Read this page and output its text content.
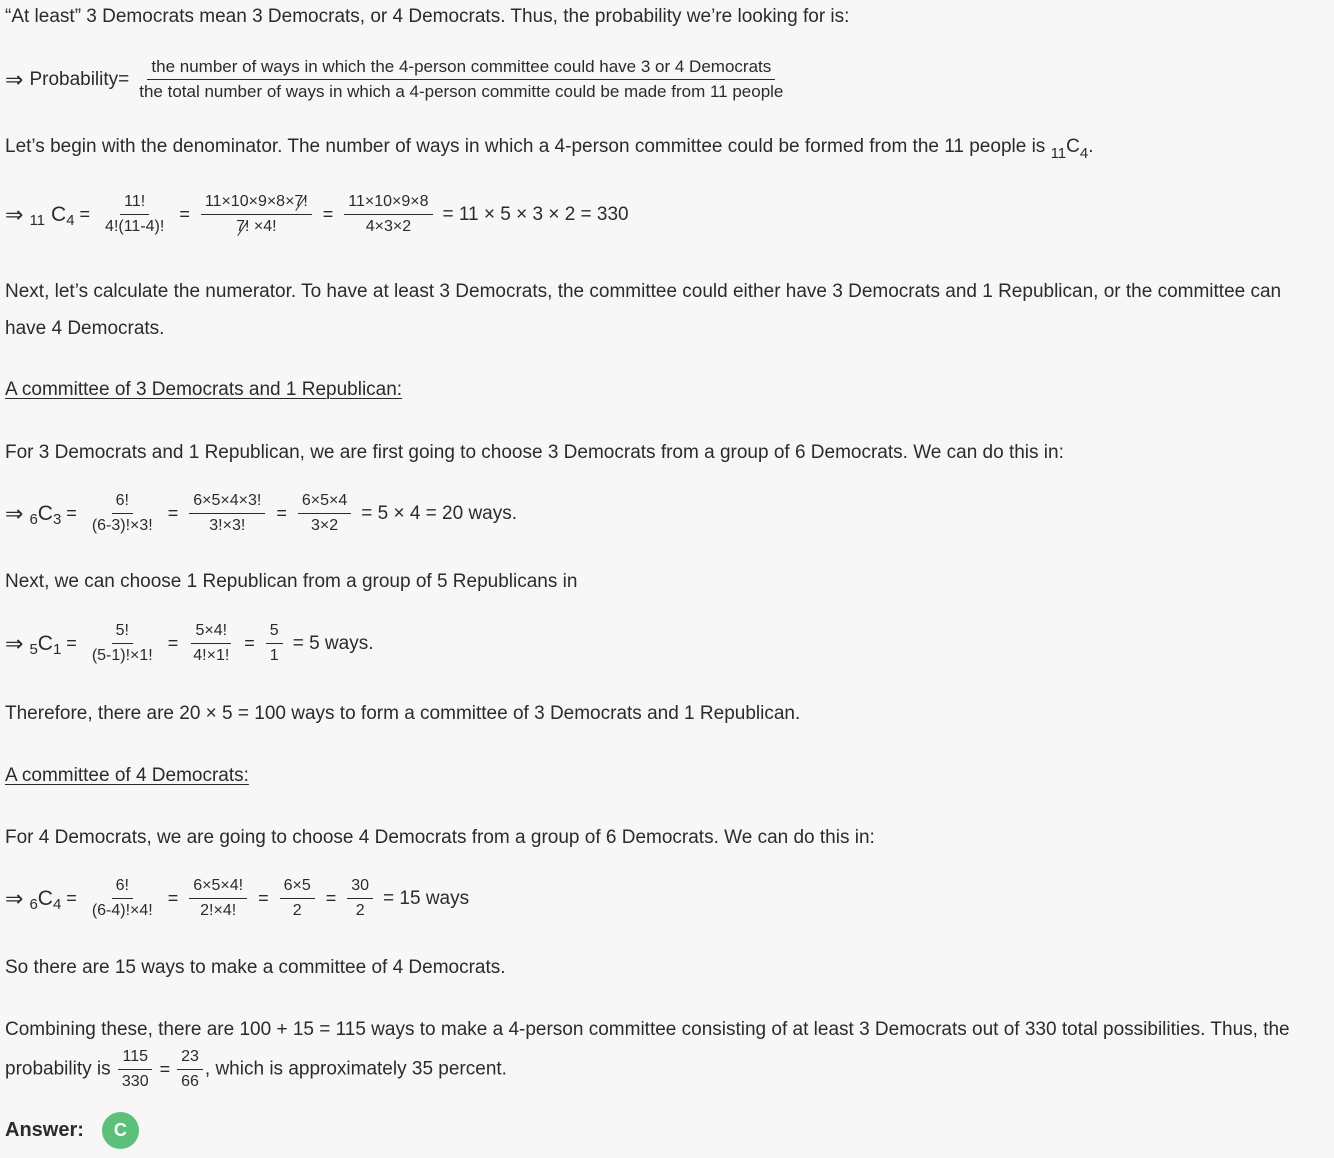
“At least” 3 Democrats mean 3 Democrats, or 4 Democrats. Thus, the probability we’re looking for is:
⇒ Probability=
the number of ways in which the 4-person committee could have 3 or 4 Democrats
the total number of ways in which a 4-person committe could be made from 11 people
Let’s begin with the denominator. The number of ways in which a 4-person committee could be formed from the 11 people is $_{11}C_4$.
⇒ 11 C $4 = \frac{11!}{4!(11-4)!} = \frac{11\times 10\times 9\times 8\times 7!}{7! \times 4!} = \frac{11\times 10\times 9\times 8}{4\times 3\times 2} = 11 \times 5 \times 3 \times 2 = 330$
Next, let’s calculate the numerator. To have at least 3 Democrats, the committee could either have 3 Democrats and 1 Republican, or the committee can have 4 Democrats.
A committee of 3 Democrats and 1 Republican:
For 3 Democrats and 1 Republican, we are first going to choose 3 Democrats from a group of 6 Democrats. We can do this in:
⇒ 6 C $3 = \frac{6!}{(6-3)!\times 3!} = \frac{6\times 5\times 4\times 3!}{3!\times 3!} = \frac{6\times 5\times 4}{3\times 2} = 5 \times 4 = 20$ ways.
Next, we can choose 1 Republican from a group of 5 Republicans in
⇒ 5 C $1 = \frac{5!}{(5-1)!\times 1!} = \frac{5\times 4!}{4!\times 1!} = \frac{5}{1} = 5$ ways.
Therefore, there are 20 × 5 = 100 ways to form a committee of 3 Democrats and 1 Republican.
A committee of 4 Democrats:
For 4 Democrats, we are going to choose 4 Democrats from a group of 6 Democrats. We can do this in:
⇒ 6 C $4 = \frac{6!}{(6-4)!\times 4!} = \frac{6\times 5\times 4!}{2!\times 4!} = \frac{6\times 5}{2} = \frac{30}{2} = 15$ ways
So there are 15 ways to make a committee of 4 Democrats.
Combining these, there are 100 + 15 = 115 ways to make a 4-person committee consisting of at least 3 Democrats out of 330 total possibilities. Thus, the probability is $\frac{115}{330} = \frac{23}{66}$ , which is approximately 35 percent.
Answer:	C
